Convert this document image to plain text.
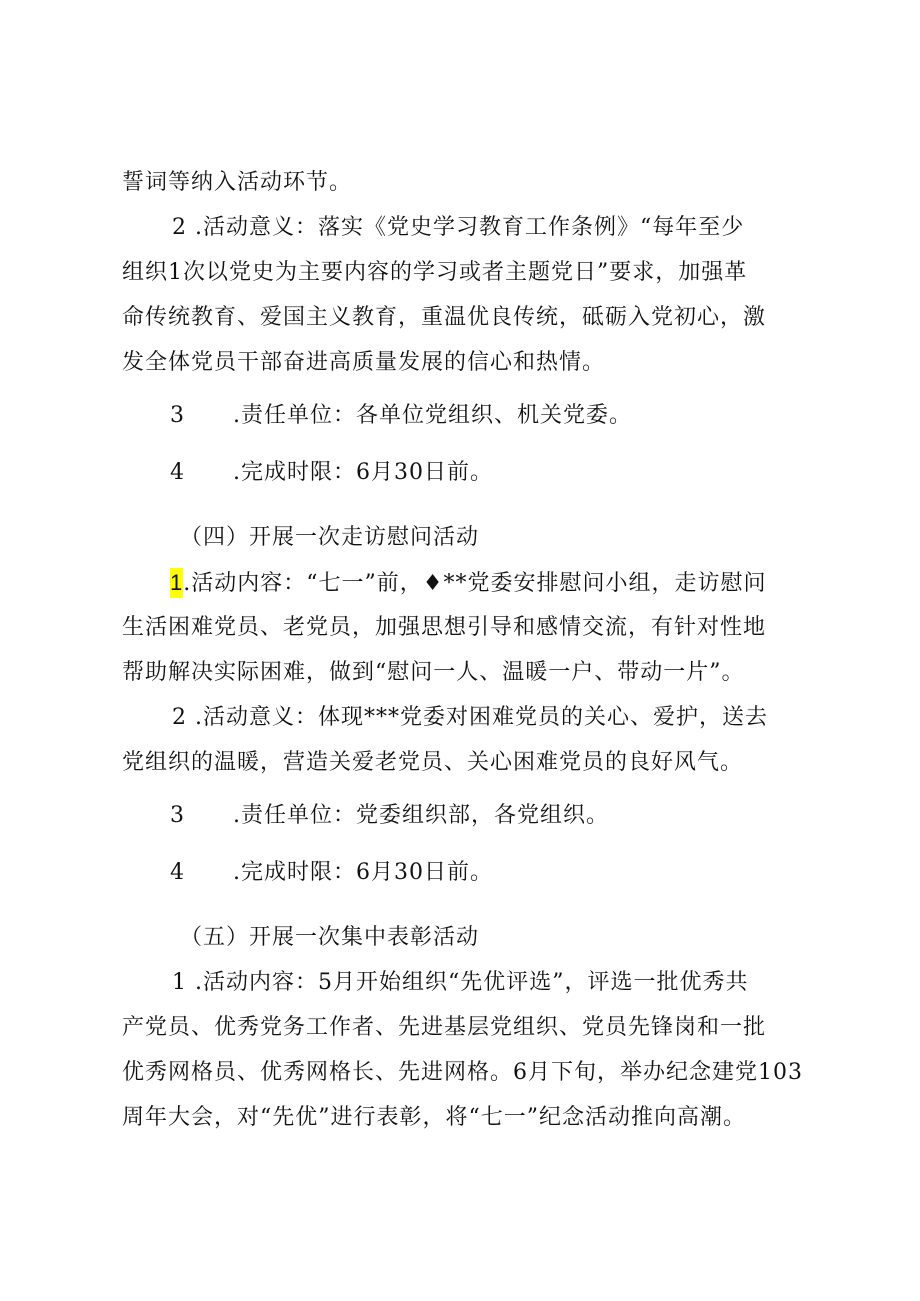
誓词等纳入活动环节。
2 .活动意义：落实《党史学习教育工作条例》“每年至少
组织1次以党史为主要内容的学习或者主题党日”要求，加强革
命传统教育、爱国主义教育，重温优良传统，砥砺入党初心，激
发全体党员干部奋进高质量发展的信心和热情。
3      .责任单位：各单位党组织、机关党委。
4      .完成时限：6月30日前。
（四）开展一次走访慰问活动
1.活动内容：“七一”前，♦**党委安排慰问小组，走访慰问
生活困难党员、老党员，加强思想引导和感情交流，有针对性地
帮助解决实际困难，做到“慰问一人、温暖一户、带动一片”。
2 .活动意义：体现***党委对困难党员的关心、爱护，送去
党组织的温暖，营造关爱老党员、关心困难党员的良好风气。
3      .责任单位：党委组织部，各党组织。
4      .完成时限：6月30日前。
（五）开展一次集中表彰活动
1 .活动内容：5月开始组织“先优评选”，评选一批优秀共
产党员、优秀党务工作者、先进基层党组织、党员先锋岗和一批
优秀网格员、优秀网格长、先进网格。6月下旬，举办纪念建党103
周年大会，对“先优”进行表彰，将“七一”纪念活动推向高潮。
